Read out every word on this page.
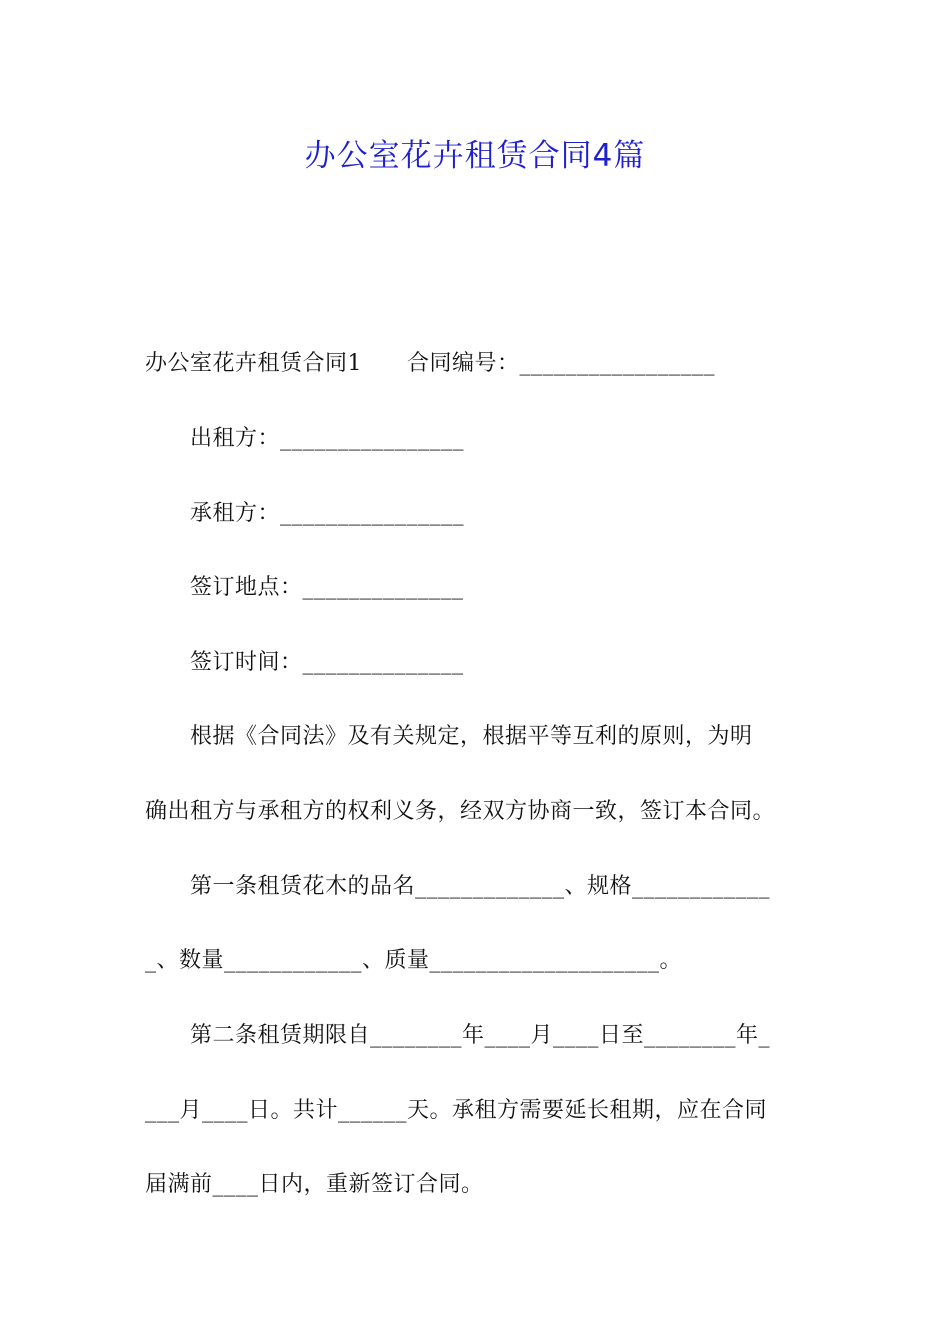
办公室花卉租赁合同4篇
办公室花卉租赁合同1　　合同编号：_________________
　　出租方：________________
　　承租方：________________
　　签订地点：______________
　　签订时间：______________
　　根据《合同法》及有关规定，根据平等互利的原则，为明
确出租方与承租方的权利义务，经双方协商一致，签订本合同。
　　第一条租赁花木的品名_____________、规格____________
_、数量____________、质量____________________。
　　第二条租赁期限自________年____月____日至________年_
___月____日。共计______天。承租方需要延长租期，应在合同
届满前____日内，重新签订合同。
